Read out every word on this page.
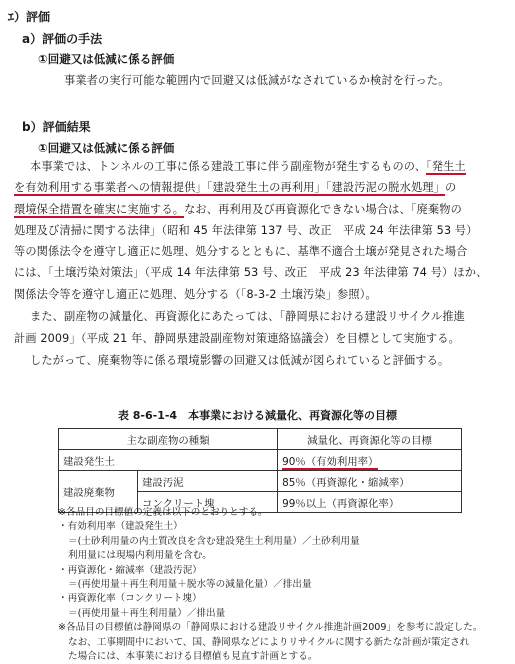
ｴ）評価
a）評価の手法
①回避又は低減に係る評価
事業者の実行可能な範囲内で回避又は低減がなされているか検討を行った。
b）評価結果
①回避又は低減に係る評価
本事業では、トンネルの工事に係る建設工事に伴う副産物が発生するものの、「発生土
を有効利用する事業者への情報提供」「建設発生土の再利用」「建設汚泥の脱水処理」の
環境保全措置を確実に実施する。なお、再利用及び再資源化できない場合は、「廃棄物の
処理及び清掃に関する法律」（昭和 45 年法律第 137 号、改正　平成 24 年法律第 53 号）
等の関係法令を遵守し適正に処理、処分するとともに、基準不適合土壌が発見された場合
には、「土壌汚染対策法」（平成 14 年法律第 53 号、改正　平成 23 年法律第 74 号）ほか、
関係法令等を遵守し適正に処理、処分する（「8-3-2 土壌汚染」参照）。
また、副産物の減量化、再資源化にあたっては、「静岡県における建設リサイクル推進
計画 2009」（平成 21 年、静岡県建設副産物対策連絡協議会）を目標として実施する。
したがって、廃棄物等に係る環境影響の回避又は低減が図られていると評価する。
表 8-6-1-4　本事業における減量化、再資源化等の目標
主な副産物の種類		減量化、再資源化等の目標
建設発生土		90％（有効利用率）
建設廃棄物	建設汚泥	85％（再資源化・縮減率）
	コンクリート塊	99％以上（再資源化率）
※各品目の目標値の定義は以下のとおりとする。
・有効利用率（建設発生土）
＝(土砂利用量の内土質改良を含む建設発生土利用量）／土砂利用量
利用量には現場内利用量を含む。
・再資源化・縮減率（建設汚泥）
＝(再使用量＋再生利用量＋脱水等の減量化量）／排出量
・再資源化率（コンクリート塊）
＝(再使用量＋再生利用量）／排出量
※各品目の目標値は静岡県の「静岡県における建設リサイクル推進計画2009」を参考に設定した。
なお、工事期間中において、国、静岡県などによりリサイクルに関する新たな計画が策定され
た場合には、本事業における目標値も見直す計画とする。
